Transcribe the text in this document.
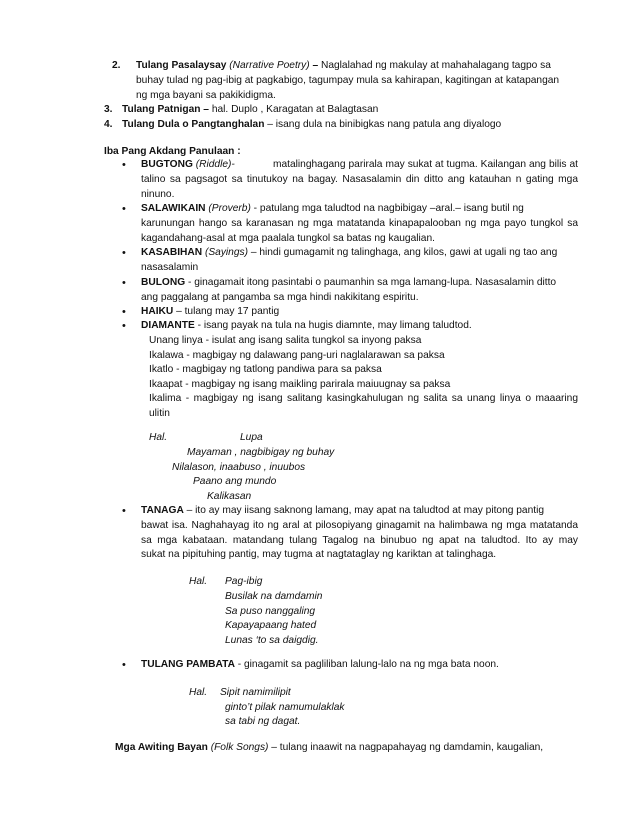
2. Tulang Pasalaysay (Narrative Poetry) – Naglalahad ng makulay at mahahalagang tagpo sa
buhay tulad ng pag-ibig at pagkabigo, tagumpay mula sa kahirapan, kagitingan at katapangan
ng mga bayani sa pakikidigma.
3. Tulang Patnigan – hal. Duplo , Karagatan at Balagtasan
4. Tulang Dula o Pangtanghalan – isang dula na binibigkas nang patula ang diyalogo
Iba Pang Akdang Panulaan :
• BUGTONG (Riddle)-	matalinghagang parirala may sukat at tugma. Kailangan ang bilis at
talino sa pagsagot sa tinutukoy na bagay. Nasasalamin din ditto ang katauhan n gating mga
ninuno.
• SALAWIKAIN (Proverb) - patulang mga taludtod na nagbibigay –aral.– isang butil ng
karunungan hango sa karanasan ng mga matatanda kinapapalooban ng mga payo tungkol sa
kagandahang-asal at mga paalala tungkol sa batas ng kaugalian.
• KASABIHAN (Sayings) – hindi gumagamit ng talinghaga, ang kilos, gawi at ugali ng tao ang
nasasalamin
• BULONG - ginagamait itong pasintabi o paumanhin sa mga lamang-lupa. Nasasalamin ditto
ang paggalang at pangamba sa mga hindi nakikitang espiritu.
• HAIKU – tulang may 17 pantig
• DIAMANTE - isang payak na tula na hugis diamnte, may limang taludtod.
Unang linya - isulat ang isang salita tungkol sa inyong paksa
Ikalawa - magbigay ng dalawang pang-uri naglalarawan sa paksa
Ikatlo - magbigay ng tatlong pandiwa para sa paksa
Ikaapat - magbigay ng isang maikling parirala maiuugnay sa paksa
Ikalima - magbigay ng isang salitang kasingkahulugan ng salita sa unang linya o maaaring
ulitin
Hal.	Lupa
Mayaman , nagbibigay ng buhay
Nilalason, inaabuso , inuubos
Paano ang mundo
Kalikasan
• TANAGA – ito ay may iisang saknong lamang, may apat na taludtod at may pitong pantig
bawat isa. Naghahayag ito ng aral at pilosopiyang ginagamit na halimbawa ng mga matatanda
sa mga kabataan. matandang tulang Tagalog na binubuo ng apat na taludtod. Ito ay may
sukat na pipituhing pantig, may tugma at nagtataglay ng kariktan at talinghaga.
Hal. Pag-ibig
Busilak na damdamin
Sa puso nanggaling
Kapayapaang hated
Lunas ‘to sa daigdig.
• TULANG PAMBATA - ginagamit sa pagliliban lalung-lalo na ng mga bata noon.
Hal. Sipit namimilipit
ginto’t pilak namumulaklak
sa tabi ng dagat.
Mga Awiting Bayan (Folk Songs) – tulang inaawit na nagpapahayag ng damdamin, kaugalian,
